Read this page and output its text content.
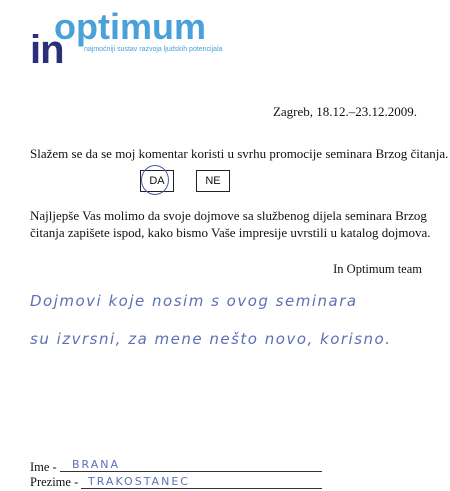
optimum
in	najmoćniji sustav razvoja ljudskih potencijala
Zagreb, 18.12.–23.12.2009.
Slažem se da se moj komentar koristi u svrhu promocije seminara Brzog čitanja.
DA	NE
Najljepše Vas molimo da svoje dojmove sa službenog dijela seminara Brzog čitanja zapišete ispod, kako bismo Vaše impresije uvrstili u katalog dojmova.
In Optimum team
Dojmovi koje nosim s ovog seminara
su izvrsni, za mene nešto novo, korisno.
Ime - BRANA
Prezime - TRAKOSTANEC
